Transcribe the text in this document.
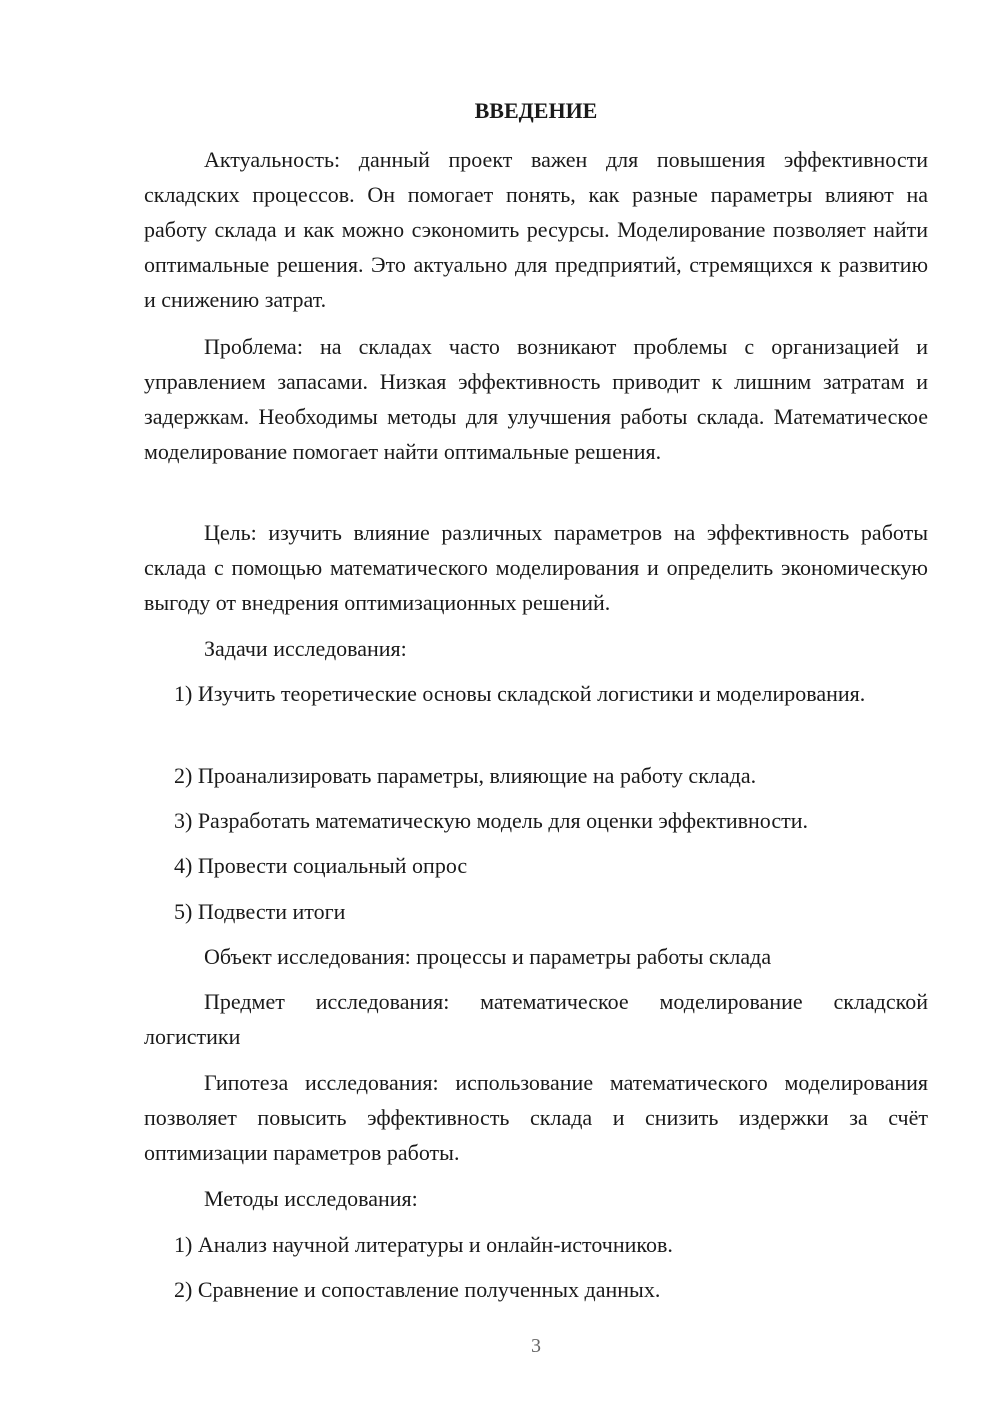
ВВЕДЕНИЕ

Актуальность: данный проект важен для повышения эффективности складских процессов. Он помогает понять, как разные параметры влияют на работу склада и как можно сэкономить ресурсы. Моделирование позволяет найти оптимальные решения. Это актуально для предприятий, стремящихся к развитию и снижению затрат.

Проблема: на складах часто возникают проблемы с организацией и управлением запасами. Низкая эффективность приводит к лишним затратам и задержкам. Необходимы методы для улучшения работы склада. Математическое моделирование помогает найти оптимальные решения.

Цель: изучить влияние различных параметров на эффективность работы склада с помощью математического моделирования и определить экономическую выгоду от внедрения оптимизационных решений.

Задачи исследования:

1) Изучить теоретические основы складской логистики и моделирования.

2) Проанализировать параметры, влияющие на работу склада.

3) Разработать математическую модель для оценки эффективности.

4) Провести социальный опрос

5) Подвести итоги

Объект исследования: процессы и параметры работы склада

Предмет исследования: математическое моделирование складской логистики

Гипотеза исследования: использование математического моделирования позволяет повысить эффективность склада и снизить издержки за счёт оптимизации параметров работы.

Методы исследования:

1) Анализ научной литературы и онлайн-источников.

2) Сравнение и сопоставление полученных данных.

3
